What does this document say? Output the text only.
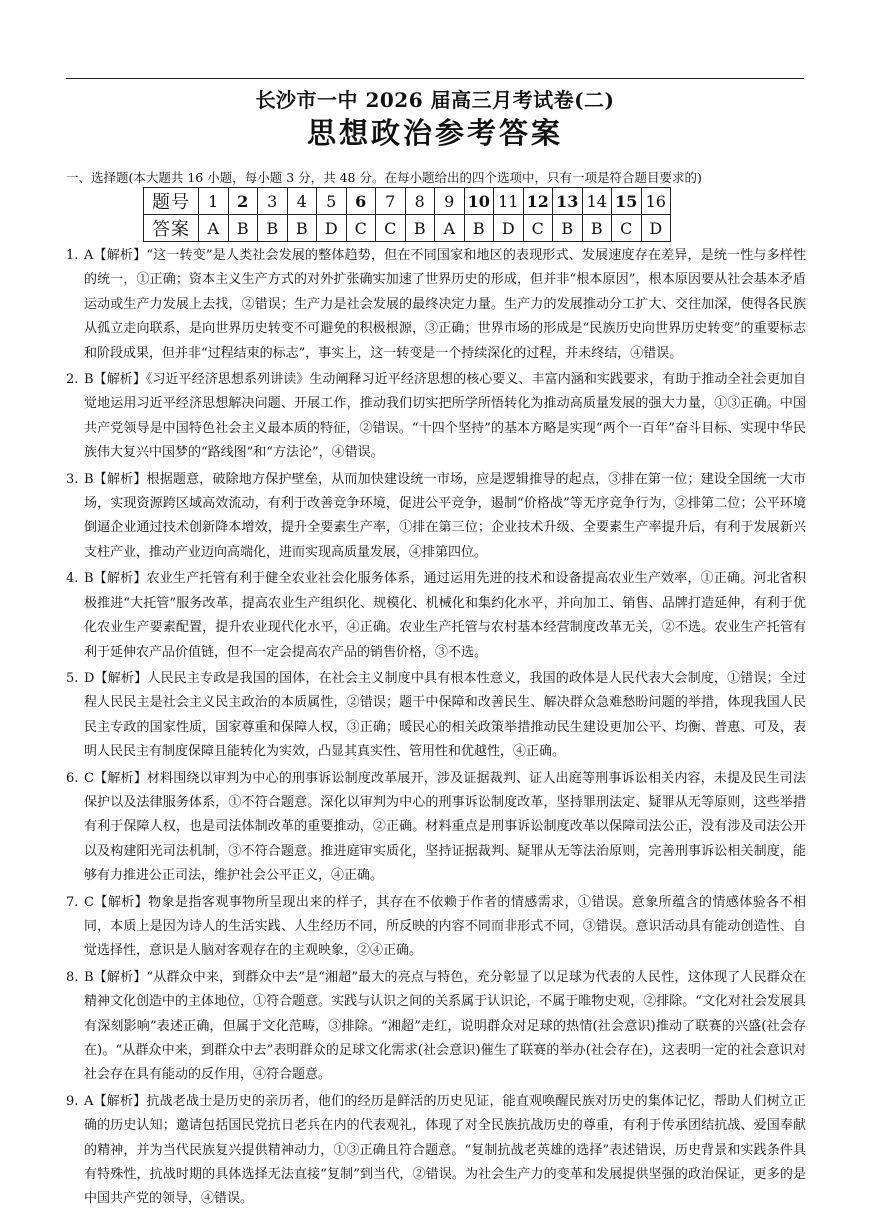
长沙市一中 2026 届高三月考试卷(二)
思想政治参考答案
一、选择题(本大题共 16 小题，每小题 3 分，共 48 分。在每小题给出的四个选项中，只有一项是符合题目要求的)
题号	1	2	3	4	5	6	7	8	9	10	11	12	13	14	15	16
答案	A	B	B	B	D	C	C	B	A	B	D	C	B	B	C	D
1. A【解析】“这一转变”是人类社会发展的整体趋势，但在不同国家和地区的表现形式、发展速度存在差异，是统一性与多样性的统一，①正确；资本主义生产方式的对外扩张确实加速了世界历史的形成，但并非“根本原因”，根本原因要从社会基本矛盾运动或生产力发展上去找，②错误；生产力是社会发展的最终决定力量。生产力的发展推动分工扩大、交往加深，使得各民族从孤立走向联系，是向世界历史转变不可避免的积极根源，③正确；世界市场的形成是“民族历史向世界历史转变”的重要标志和阶段成果，但并非“过程结束的标志”，事实上，这一转变是一个持续深化的过程，并未终结，④错误。
2. B【解析】《习近平经济思想系列讲读》生动阐释习近平经济思想的核心要义、丰富内涵和实践要求，有助于推动全社会更加自觉地运用习近平经济思想解决问题、开展工作，推动我们切实把所学所悟转化为推动高质量发展的强大力量，①③正确。中国共产党领导是中国特色社会主义最本质的特征，②错误。“十四个坚持”的基本方略是实现“两个一百年”奋斗目标、实现中华民族伟大复兴中国梦的“路线图”和“方法论”，④错误。
3. B【解析】根据题意，破除地方保护壁垒，从而加快建设统一市场，应是逻辑推导的起点，③排在第一位；建设全国统一大市场，实现资源跨区域高效流动，有利于改善竞争环境，促进公平竞争，遏制“价格战”等无序竞争行为，②排第二位；公平环境倒逼企业通过技术创新降本增效，提升全要素生产率，①排在第三位；企业技术升级、全要素生产率提升后，有利于发展新兴支柱产业，推动产业迈向高端化，进而实现高质量发展，④排第四位。
4. B【解析】农业生产托管有利于健全农业社会化服务体系，通过运用先进的技术和设备提高农业生产效率，①正确。河北省积极推进“大托管”服务改革，提高农业生产组织化、规模化、机械化和集约化水平，并向加工、销售、品牌打造延伸，有利于优化农业生产要素配置，提升农业现代化水平，④正确。农业生产托管与农村基本经营制度改革无关，②不选。农业生产托管有利于延伸农产品价值链，但不一定会提高农产品的销售价格，③不选。
5. D【解析】人民民主专政是我国的国体，在社会主义制度中具有根本性意义，我国的政体是人民代表大会制度，①错误；全过程人民民主是社会主义民主政治的本质属性，②错误；题干中保障和改善民生、解决群众急难愁盼问题的举措，体现我国人民民主专政的国家性质，国家尊重和保障人权，③正确；暖民心的相关政策举措推动民生建设更加公平、均衡、普惠、可及，表明人民民主有制度保障且能转化为实效，凸显其真实性、管用性和优越性，④正确。
6. C【解析】材料围绕以审判为中心的刑事诉讼制度改革展开，涉及证据裁判、证人出庭等刑事诉讼相关内容，未提及民生司法保护以及法律服务体系，①不符合题意。深化以审判为中心的刑事诉讼制度改革，坚持罪刑法定、疑罪从无等原则，这些举措有利于保障人权，也是司法体制改革的重要推动，②正确。材料重点是刑事诉讼制度改革以保障司法公正，没有涉及司法公开以及构建阳光司法机制，③不符合题意。推进庭审实质化，坚持证据裁判、疑罪从无等法治原则，完善刑事诉讼相关制度，能够有力推进公正司法，维护社会公平正义，④正确。
7. C【解析】物象是指客观事物所呈现出来的样子，其存在不依赖于作者的情感需求，①错误。意象所蕴含的情感体验各不相同，本质上是因为诗人的生活实践、人生经历不同，所反映的内容不同而非形式不同，③错误。意识活动具有能动创造性、自觉选择性，意识是人脑对客观存在的主观映象，②④正确。
8. B【解析】“从群众中来，到群众中去”是“湘超”最大的亮点与特色，充分彰显了以足球为代表的人民性，这体现了人民群众在精神文化创造中的主体地位，①符合题意。实践与认识之间的关系属于认识论，不属于唯物史观，②排除。“文化对社会发展具有深刻影响”表述正确，但属于文化范畴，③排除。“湘超”走红，说明群众对足球的热情(社会意识)推动了联赛的兴盛(社会存在)。“从群众中来，到群众中去”表明群众的足球文化需求(社会意识)催生了联赛的举办(社会存在)，这表明一定的社会意识对社会存在具有能动的反作用，④符合题意。
9. A【解析】抗战老战士是历史的亲历者，他们的经历是鲜活的历史见证，能直观唤醒民族对历史的集体记忆，帮助人们树立正确的历史认知；邀请包括国民党抗日老兵在内的代表观礼，体现了对全民族抗战历史的尊重，有利于传承团结抗战、爱国奉献的精神，并为当代民族复兴提供精神动力，①③正确且符合题意。“复制抗战老英雄的选择”表述错误，历史背景和实践条件具有特殊性，抗战时期的具体选择无法直接“复制”到当代，②错误。为社会生产力的变革和发展提供坚强的政治保证，更多的是中国共产党的领导，④错误。
